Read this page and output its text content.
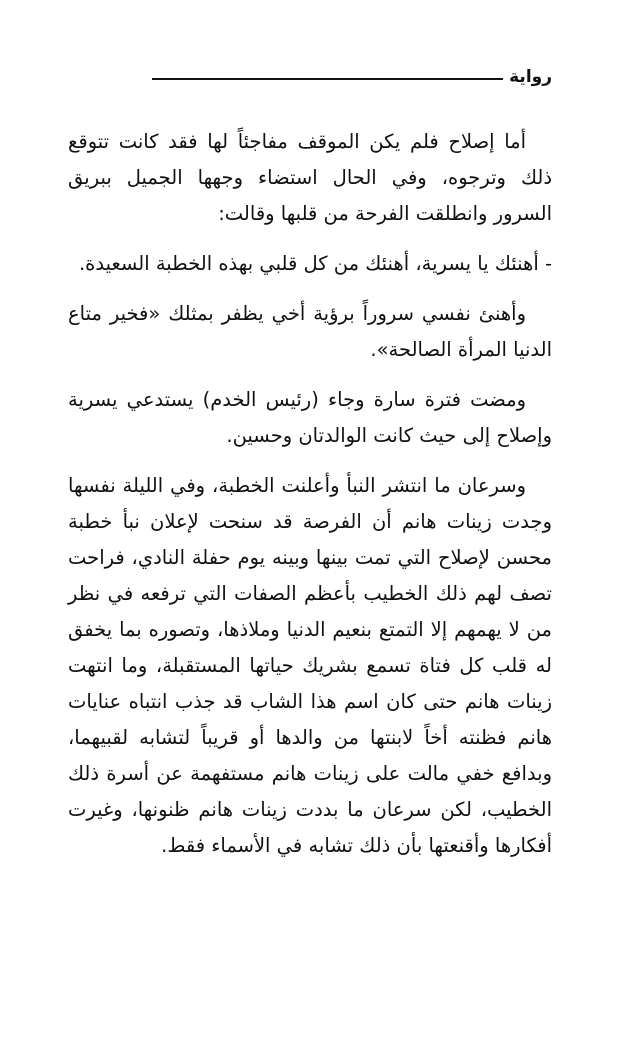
رواية

أما إصلاح فلم يكن الموقف مفاجئاً لها فقد كانت تتوقع ذلك وترجوه، وفي الحال استضاء وجهها الجميل ببريق السرور وانطلقت الفرحة من قلبها وقالت:

- أهنئك يا يسرية، أهنئك من كل قلبي بهذه الخطبة السعيدة.

وأهنئ نفسي سروراً برؤية أخي يظفر بمثلك «فخير متاع الدنيا المرأة الصالحة».

ومضت فترة سارة وجاء (رئيس الخدم) يستدعي يسرية وإصلاح إلى حيث كانت الوالدتان وحسين.

وسرعان ما انتشر النبأ وأعلنت الخطبة، وفي الليلة نفسها وجدت زينات هانم أن الفرصة قد سنحت لإعلان نبأ خطبة محسن لإصلاح التي تمت بينها وبينه يوم حفلة النادي، فراحت تصف لهم ذلك الخطيب بأعظم الصفات التي ترفعه في نظر من لا يهمهم إلا التمتع بنعيم الدنيا وملاذها، وتصوره بما يخفق له قلب كل فتاة تسمع بشريك حياتها المستقبلة، وما انتهت زينات هانم حتى كان اسم هذا الشاب قد جذب انتباه عنايات هانم فظنته أخاً لابنتها من والدها أو قريباً لتشابه لقبيهما، وبدافع خفي مالت على زينات هانم مستفهمة عن أسرة ذلك الخطيب، لكن سرعان ما بددت زينات هانم ظنونها، وغيرت أفكارها وأقنعتها بأن ذلك تشابه في الأسماء فقط.
